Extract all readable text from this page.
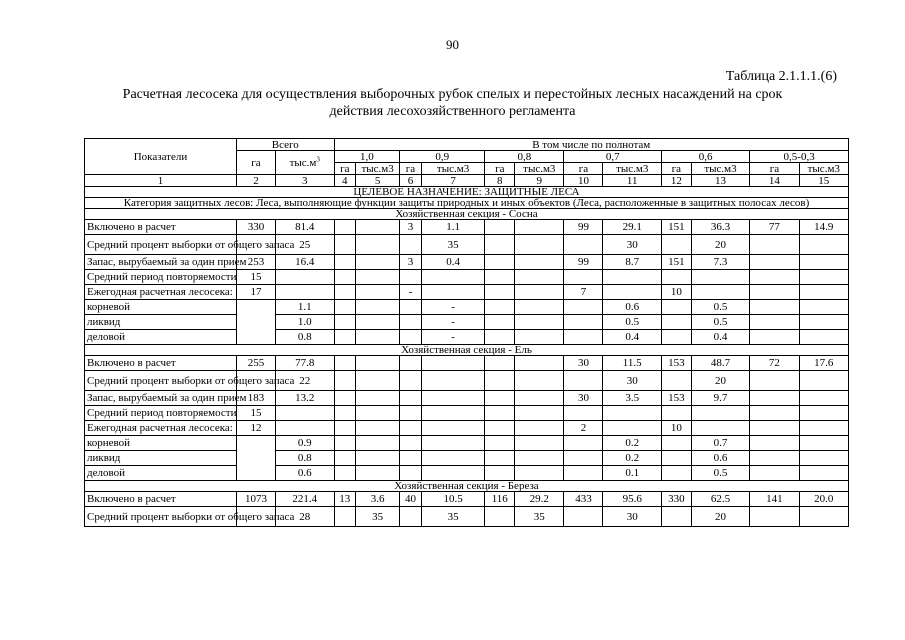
90
Таблица 2.1.1.1.(6)
Расчетная лесосека для осуществления выборочных рубок спелых и перестойных лесных насаждений на срок
действия лесохозяйственного регламента
Показатели	Всего		В том числе по полнотам											
	га	$тыс.м^3$	1,0		0,9		0,8		0,7		0,6		0,5-0,3	
			га	тыс.м3	га	тыс.м3	га	тыс.м3	га	тыс.м3	га	тыс.м3	га	тыс.м3
1	2	3	4	5	6	7	8	9	10	11	12	13	14	15
ЦЕЛЕВОЕ НАЗНАЧЕНИЕ: ЗАЩИТНЫЕ ЛЕСА														
Категория защитных лесов: Леса, выполняющие функции защиты природных и иных объектов (Леса, расположенные в защитных полосах лесов)														
Хозяйственная секция - Сосна														
Включено в расчет	330	81.4			3	1.1			99	29.1	151	36.3	77	14.9
Средний процент выборки от общего запаса		25				35				30		20		
Запас, вырубаемый за один прием	253	16.4			3	0.4			99	8.7	151	7.3		
Средний период повторяемости	15													
Ежегодная расчетная лесосека:	17				-				7		10			
корневой		1.1				-				0.6		0.5		
ликвид		1.0				-				0.5		0.5		
деловой		0.8				-				0.4		0.4		
Хозяйственная секция - Ель														
Включено в расчет	255	77.8							30	11.5	153	48.7	72	17.6
Средний процент выборки от общего запаса		22								30		20		
Запас, вырубаемый за один прием	183	13.2							30	3.5	153	9.7		
Средний период повторяемости	15													
Ежегодная расчетная лесосека:	12								2		10			
корневой		0.9								0.2		0.7		
ликвид		0.8								0.2		0.6		
деловой		0.6								0.1		0.5		
Хозяйственная секция - Береза														
Включено в расчет	1073	221.4	13	3.6	40	10.5	116	29.2	433	95.6	330	62.5	141	20.0
Средний процент выборки от общего запаса		28		35		35		35		30		20		
